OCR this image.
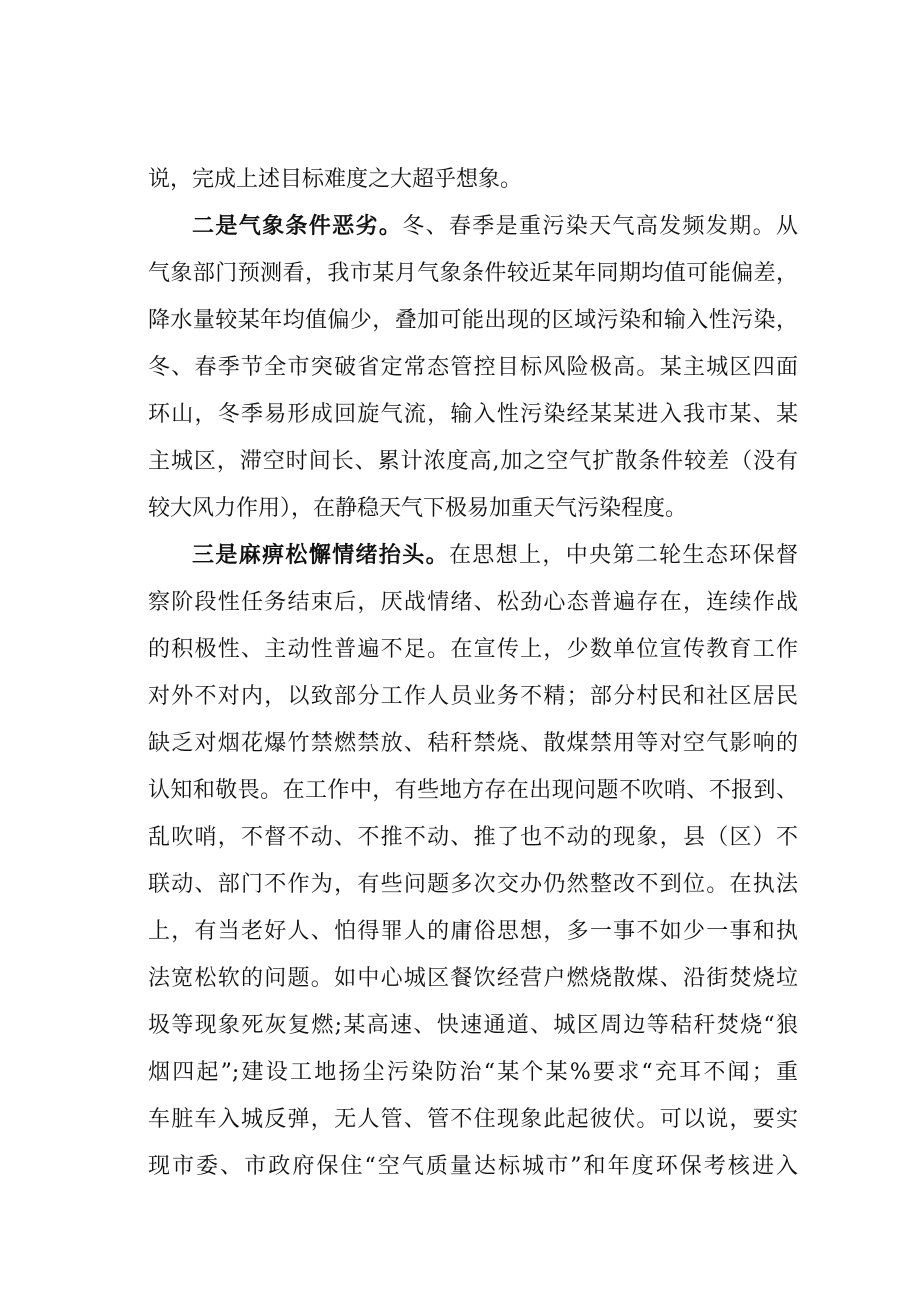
说，完成上述目标难度之大超乎想象。
二是气象条件恶劣。冬、春季是重污染天气高发频发期。从
气象部门预测看，我市某月气象条件较近某年同期均值可能偏差，
降水量较某年均值偏少，叠加可能出现的区域污染和输入性污染，
冬、春季节全市突破省定常态管控目标风险极高。某主城区四面
环山，冬季易形成回旋气流，输入性污染经某某进入我市某、某
主城区，滞空时间长、累计浓度高,加之空气扩散条件较差（没有
较大风力作用），在静稳天气下极易加重天气污染程度。
三是麻痹松懈情绪抬头。在思想上，中央第二轮生态环保督
察阶段性任务结束后，厌战情绪、松劲心态普遍存在，连续作战
的积极性、主动性普遍不足。在宣传上，少数单位宣传教育工作
对外不对内，以致部分工作人员业务不精；部分村民和社区居民
缺乏对烟花爆竹禁燃禁放、秸秆禁烧、散煤禁用等对空气影响的
认知和敬畏。在工作中，有些地方存在出现问题不吹哨、不报到、
乱吹哨，不督不动、不推不动、推了也不动的现象，县（区）不
联动、部门不作为，有些问题多次交办仍然整改不到位。在执法
上，有当老好人、怕得罪人的庸俗思想，多一事不如少一事和执
法宽松软的问题。如中心城区餐饮经营户燃烧散煤、沿街焚烧垃
圾等现象死灰复燃;某高速、快速通道、城区周边等秸秆焚烧“狼
烟四起”;建设工地扬尘污染防治“某个某%要求“充耳不闻；重
车脏车入城反弹，无人管、管不住现象此起彼伏。可以说，要实
现市委、市政府保住“空气质量达标城市”和年度环保考核进入
